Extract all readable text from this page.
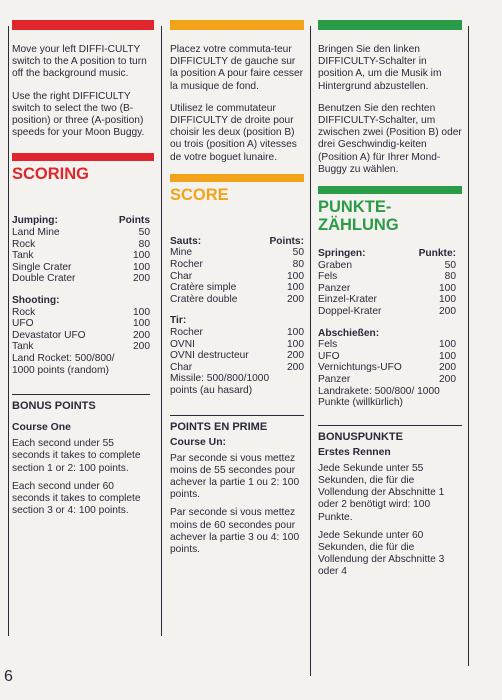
Move your left DIFFI-CULTY switch to the A position to turn off the background music.

Use the right DIFFICULTY switch to select the two (B-position) or three (A-position) speeds for your Moon Buggy.

SCORING

Jumping:	Points
Land Mine	50
Rock	80
Tank	100
Single Crater	100
Double Crater	200
Shooting:
Rock	100
UFO	100
Devastator UFO	200
Tank	200
Land Rocket: 500/800/ 1000 points (random)

BONUS POINTS

Course One

Each second under 55 seconds it takes to complete section 1 or 2: 100 points.

Each second under 60 seconds it takes to complete section 3 or 4: 100 points.

Placez votre commuta-teur DIFFICULTY de gauche sur la position A pour faire cesser la musique de fond.

Utilisez le commutateur DIFFICULTY de droite pour choisir les deux (position B) ou trois (position A) vitesses de votre boguet lunaire.

SCORE

Sauts:	Points:
Mine	50
Rocher	80
Char	100
Cratère simple	100
Cratère double	200
Tir:
Rocher	100
OVNI	100
OVNI destructeur	200
Char	200
Missile: 500/800/1000 points (au hasard)

POINTS EN PRIME

Course Un:

Par seconde si vous mettez moins de 55 secondes pour achever la partie 1 ou 2: 100 points.

Par seconde si vous mettez moins de 60 secondes pour achever la partie 3 ou 4: 100 points.

Bringen Sie den linken DIFFICULTY-Schalter in position A, um die Musik im Hintergrund abzustellen.

Benutzen Sie den rechten DIFFICULTY-Schalter, um zwischen zwei (Position B) oder drei Geschwindig-keiten (Position A) für Ihrer Mond-Buggy zu wählen.

PUNKTE-ZÄHLUNG

Springen:	Punkte:
Graben	50
Fels	80
Panzer	100
Einzel-Krater	100
Doppel-Krater	200
Abschießen:
Fels	100
UFO	100
Vernichtungs-UFO	200
Panzer	200
Landrakete: 500/800/ 1000 Punkte (willkürlich)

BONUSPUNKTE

Erstes Rennen

Jede Sekunde unter 55 Sekunden, die für die Vollendung der Abschnitte 1 oder 2 benötigt wird: 100 Punkte.

Jede Sekunde unter 60 Sekunden, die für die Vollendung der Abschnitte 3 oder 4

6
